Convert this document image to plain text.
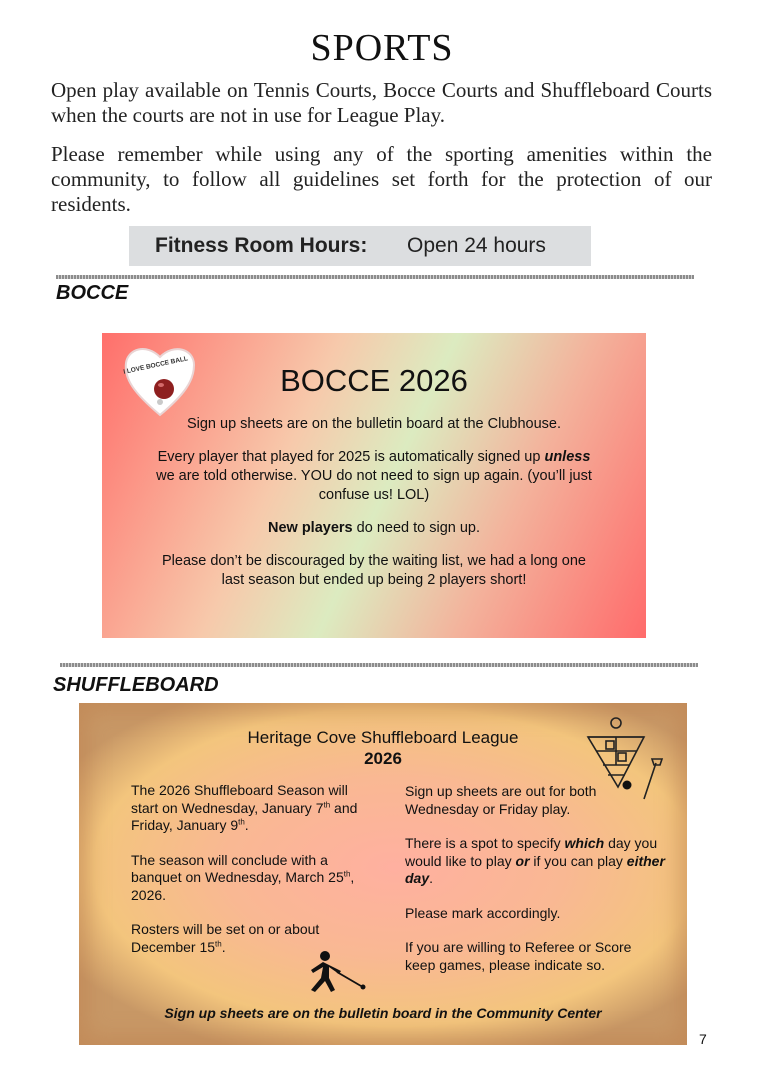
SPORTS

Open play available on Tennis Courts, Bocce Courts and Shuffleboard Courts when the courts are not in use for League Play.

Please remember while using any of the sporting amenities within the community, to follow all guidelines set forth for the protection of our residents.

Fitness Room Hours: Open 24 hours
BOCCE
I LOVE BOCCE BALL	BOCCE 2026

Sign up sheets are on the bulletin board at the Clubhouse.

Every player that played for 2025 is automatically signed up unless we are told otherwise. YOU do not need to sign up again. (you’ll just confuse us! LOL)

New players do need to sign up.

Please don’t be discouraged by the waiting list, we had a long one last season but ended up being 2 players short!

SHUFFLEBOARD
Heritage Cove Shuffleboard League
2026

The 2026 Shuffleboard Season will start on Wednesday, January 7th and Friday, January 9th.

The season will conclude with a banquet on Wednesday, March 25th, 2026.

Rosters will be set on or about December 15th.

Sign up sheets are out for both Wednesday or Friday play.

There is a spot to specify which day you would like to play or if you can play either day.

Please mark accordingly.

If you are willing to Referee or Score keep games, please indicate so.

Sign up sheets are on the bulletin board in the Community Center
7
